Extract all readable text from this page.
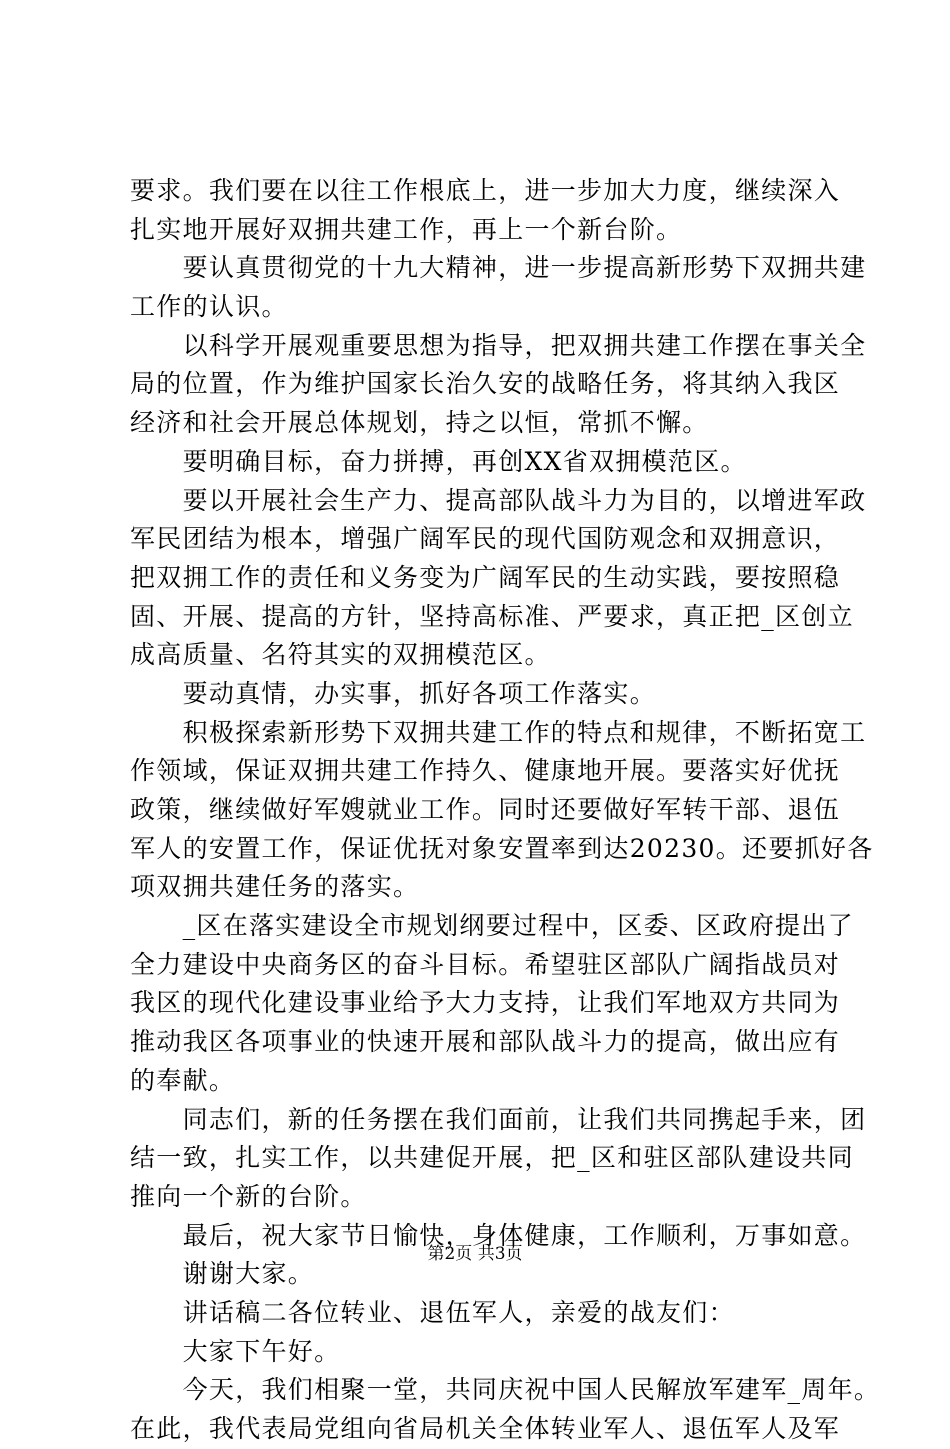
要求。我们要在以往工作根底上，进一步加大力度，继续深入
扎实地开展好双拥共建工作，再上一个新台阶。
　　要认真贯彻党的十九大精神，进一步提高新形势下双拥共建
工作的认识。
　　以科学开展观重要思想为指导，把双拥共建工作摆在事关全
局的位置，作为维护国家长治久安的战略任务，将其纳入我区
经济和社会开展总体规划，持之以恒，常抓不懈。
　　要明确目标，奋力拼搏，再创XX省双拥模范区。
　　要以开展社会生产力、提高部队战斗力为目的，以增进军政
军民团结为根本，增强广阔军民的现代国防观念和双拥意识，
把双拥工作的责任和义务变为广阔军民的生动实践，要按照稳
固、开展、提高的方针，坚持高标准、严要求，真正把_区创立
成高质量、名符其实的双拥模范区。
　　要动真情，办实事，抓好各项工作落实。
　　积极探索新形势下双拥共建工作的特点和规律，不断拓宽工
作领域，保证双拥共建工作持久、健康地开展。要落实好优抚
政策，继续做好军嫂就业工作。同时还要做好军转干部、退伍
军人的安置工作，保证优抚对象安置率到达20230。还要抓好各
项双拥共建任务的落实。
　　_区在落实建设全市规划纲要过程中，区委、区政府提出了
全力建设中央商务区的奋斗目标。希望驻区部队广阔指战员对
我区的现代化建设事业给予大力支持，让我们军地双方共同为
推动我区各项事业的快速开展和部队战斗力的提高，做出应有
的奉献。
　　同志们，新的任务摆在我们面前，让我们共同携起手来，团
结一致，扎实工作，以共建促开展，把_区和驻区部队建设共同
推向一个新的台阶。
　　最后，祝大家节日愉快，身体健康，工作顺利，万事如意。
　　谢谢大家。
　　讲话稿二各位转业、退伍军人，亲爱的战友们：
　　大家下午好。
　　今天，我们相聚一堂，共同庆祝中国人民解放军建军_周年。
在此，我代表局党组向省局机关全体转业军人、退伍军人及军
第2页 共3页
